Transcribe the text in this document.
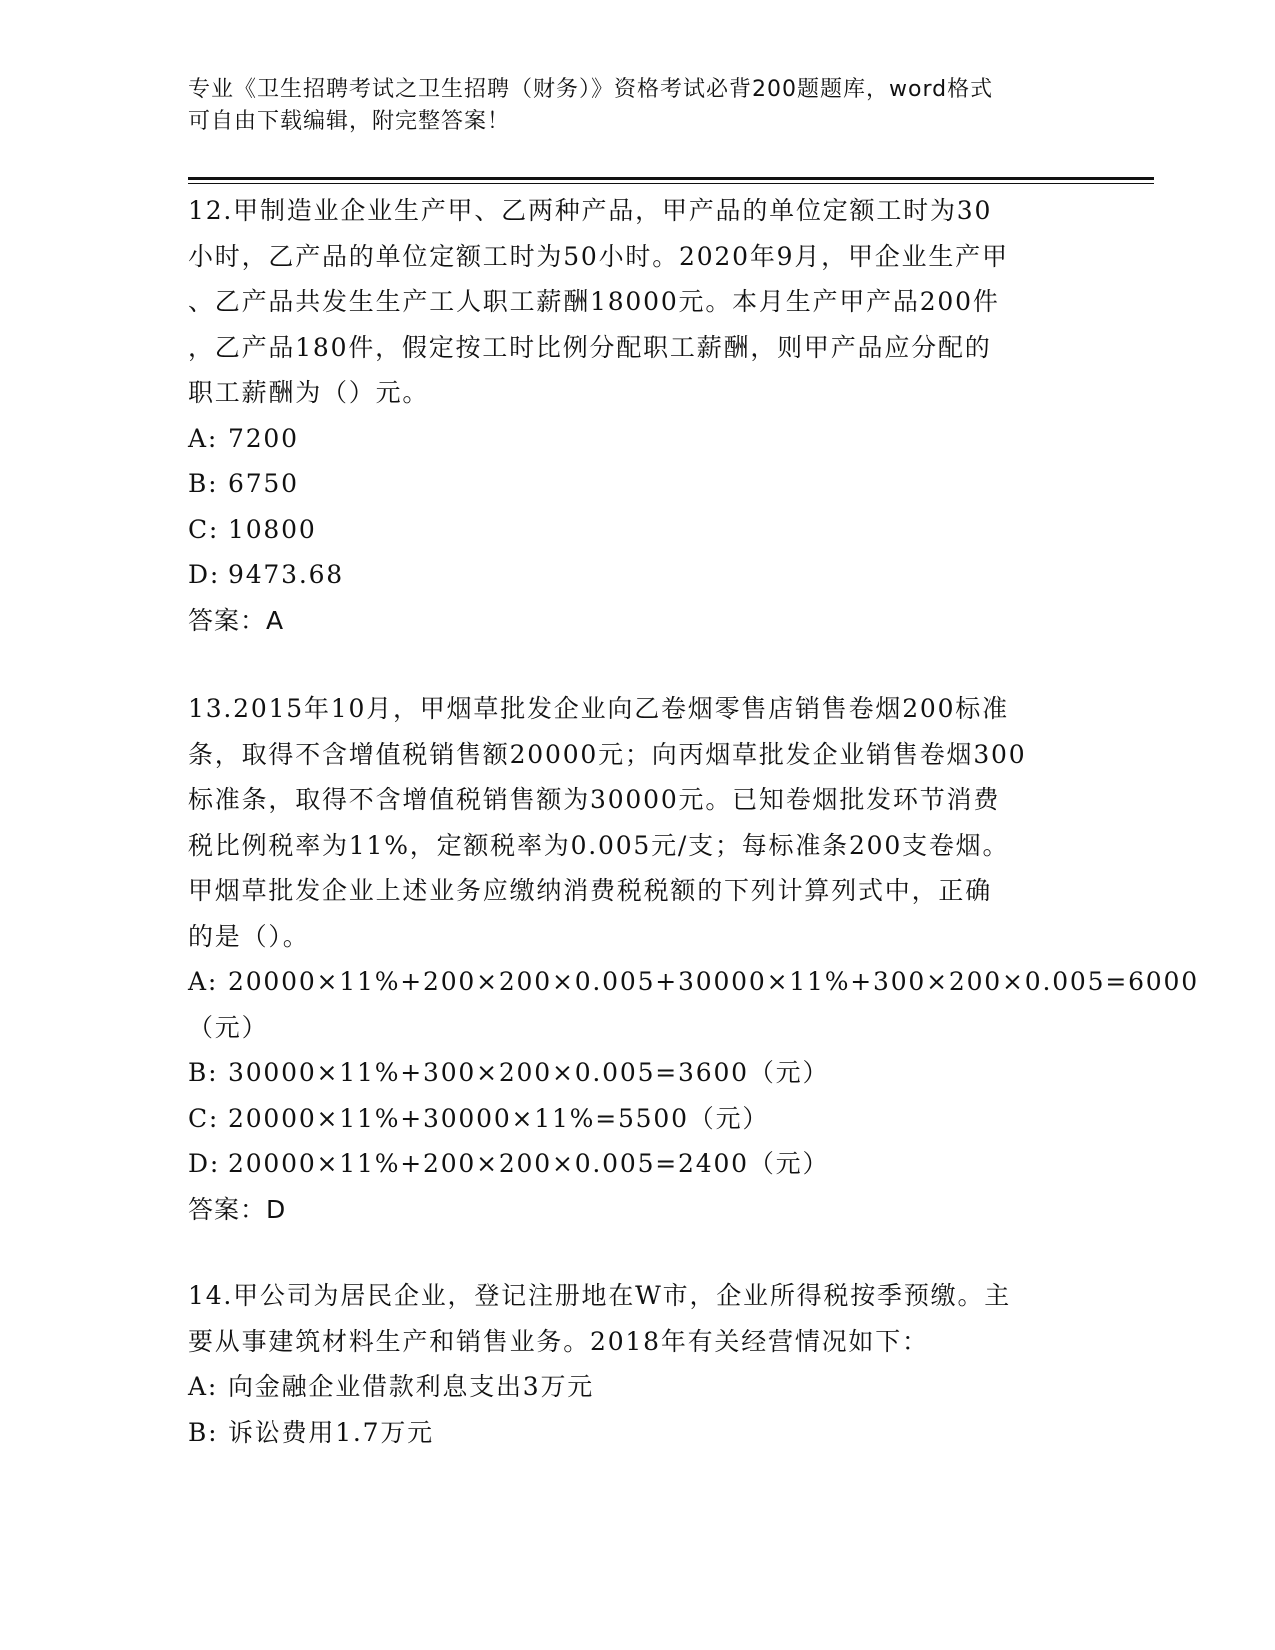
专业《卫生招聘考试之卫生招聘（财务）》资格考试必背200题题库，word格式
可自由下载编辑，附完整答案！

12.甲制造业企业生产甲、乙两种产品，甲产品的单位定额工时为30

小时，乙产品的单位定额工时为50小时。2020年9月，甲企业生产甲

、乙产品共发生生产工人职工薪酬18000元。本月生产甲产品200件

，乙产品180件，假定按工时比例分配职工薪酬，则甲产品应分配的

职工薪酬为（）元。

A: 7200

B: 6750

C: 10800

D: 9473.68

答案：A

13.2015年10月，甲烟草批发企业向乙卷烟零售店销售卷烟200标准

条，取得不含增值税销售额20000元；向丙烟草批发企业销售卷烟300

标准条，取得不含增值税销售额为30000元。已知卷烟批发环节消费

税比例税率为11%，定额税率为0.005元/支；每标准条200支卷烟。

甲烟草批发企业上述业务应缴纳消费税税额的下列计算列式中，正确

的是（）。

A: 20000×11%+200×200×0.005+30000×11%+300×200×0.005=6000

（元）

B: 30000×11%+300×200×0.005=3600（元）

C: 20000×11%+30000×11%=5500（元）

D: 20000×11%+200×200×0.005=2400（元）

答案：D

14.甲公司为居民企业，登记注册地在W市，企业所得税按季预缴。主

要从事建筑材料生产和销售业务。2018年有关经营情况如下：

A: 向金融企业借款利息支出3万元

B: 诉讼费用1.7万元
